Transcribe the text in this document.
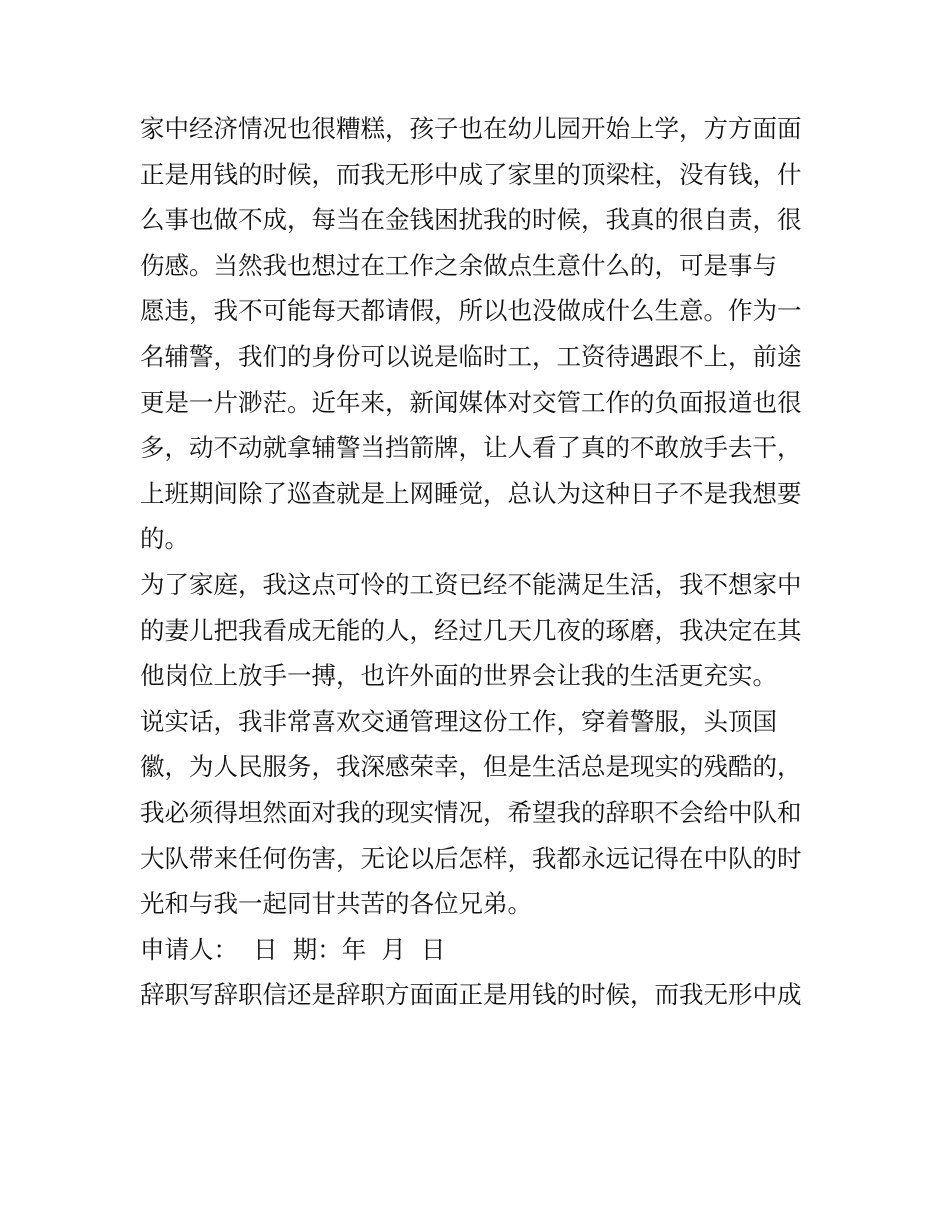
家中经济情况也很糟糕，孩子也在幼儿园开始上学，方方面面
正是用钱的时候，而我无形中成了家里的顶梁柱，没有钱，什
么事也做不成，每当在金钱困扰我的时候，我真的很自责，很
伤感。当然我也想过在工作之余做点生意什么的，可是事与
愿违，我不可能每天都请假，所以也没做成什么生意。作为一
名辅警，我们的身份可以说是临时工，工资待遇跟不上，前途
更是一片渺茫。近年来，新闻媒体对交管工作的负面报道也很
多，动不动就拿辅警当挡箭牌，让人看了真的不敢放手去干，
上班期间除了巡查就是上网睡觉，总认为这种日子不是我想要
的。
为了家庭，我这点可怜的工资已经不能满足生活，我不想家中
的妻儿把我看成无能的人，经过几天几夜的琢磨，我决定在其
他岗位上放手一搏，也许外面的世界会让我的生活更充实。
说实话，我非常喜欢交通管理这份工作，穿着警服，头顶国
徽，为人民服务，我深感荣幸，但是生活总是现实的残酷的，
我必须得坦然面对我的现实情况，希望我的辞职不会给中队和
大队带来任何伤害，无论以后怎样，我都永远记得在中队的时
光和与我一起同甘共苦的各位兄弟。
申请人： 日 期：年 月 日
辞职写辞职信还是辞职方面面正是用钱的时候，而我无形中成
